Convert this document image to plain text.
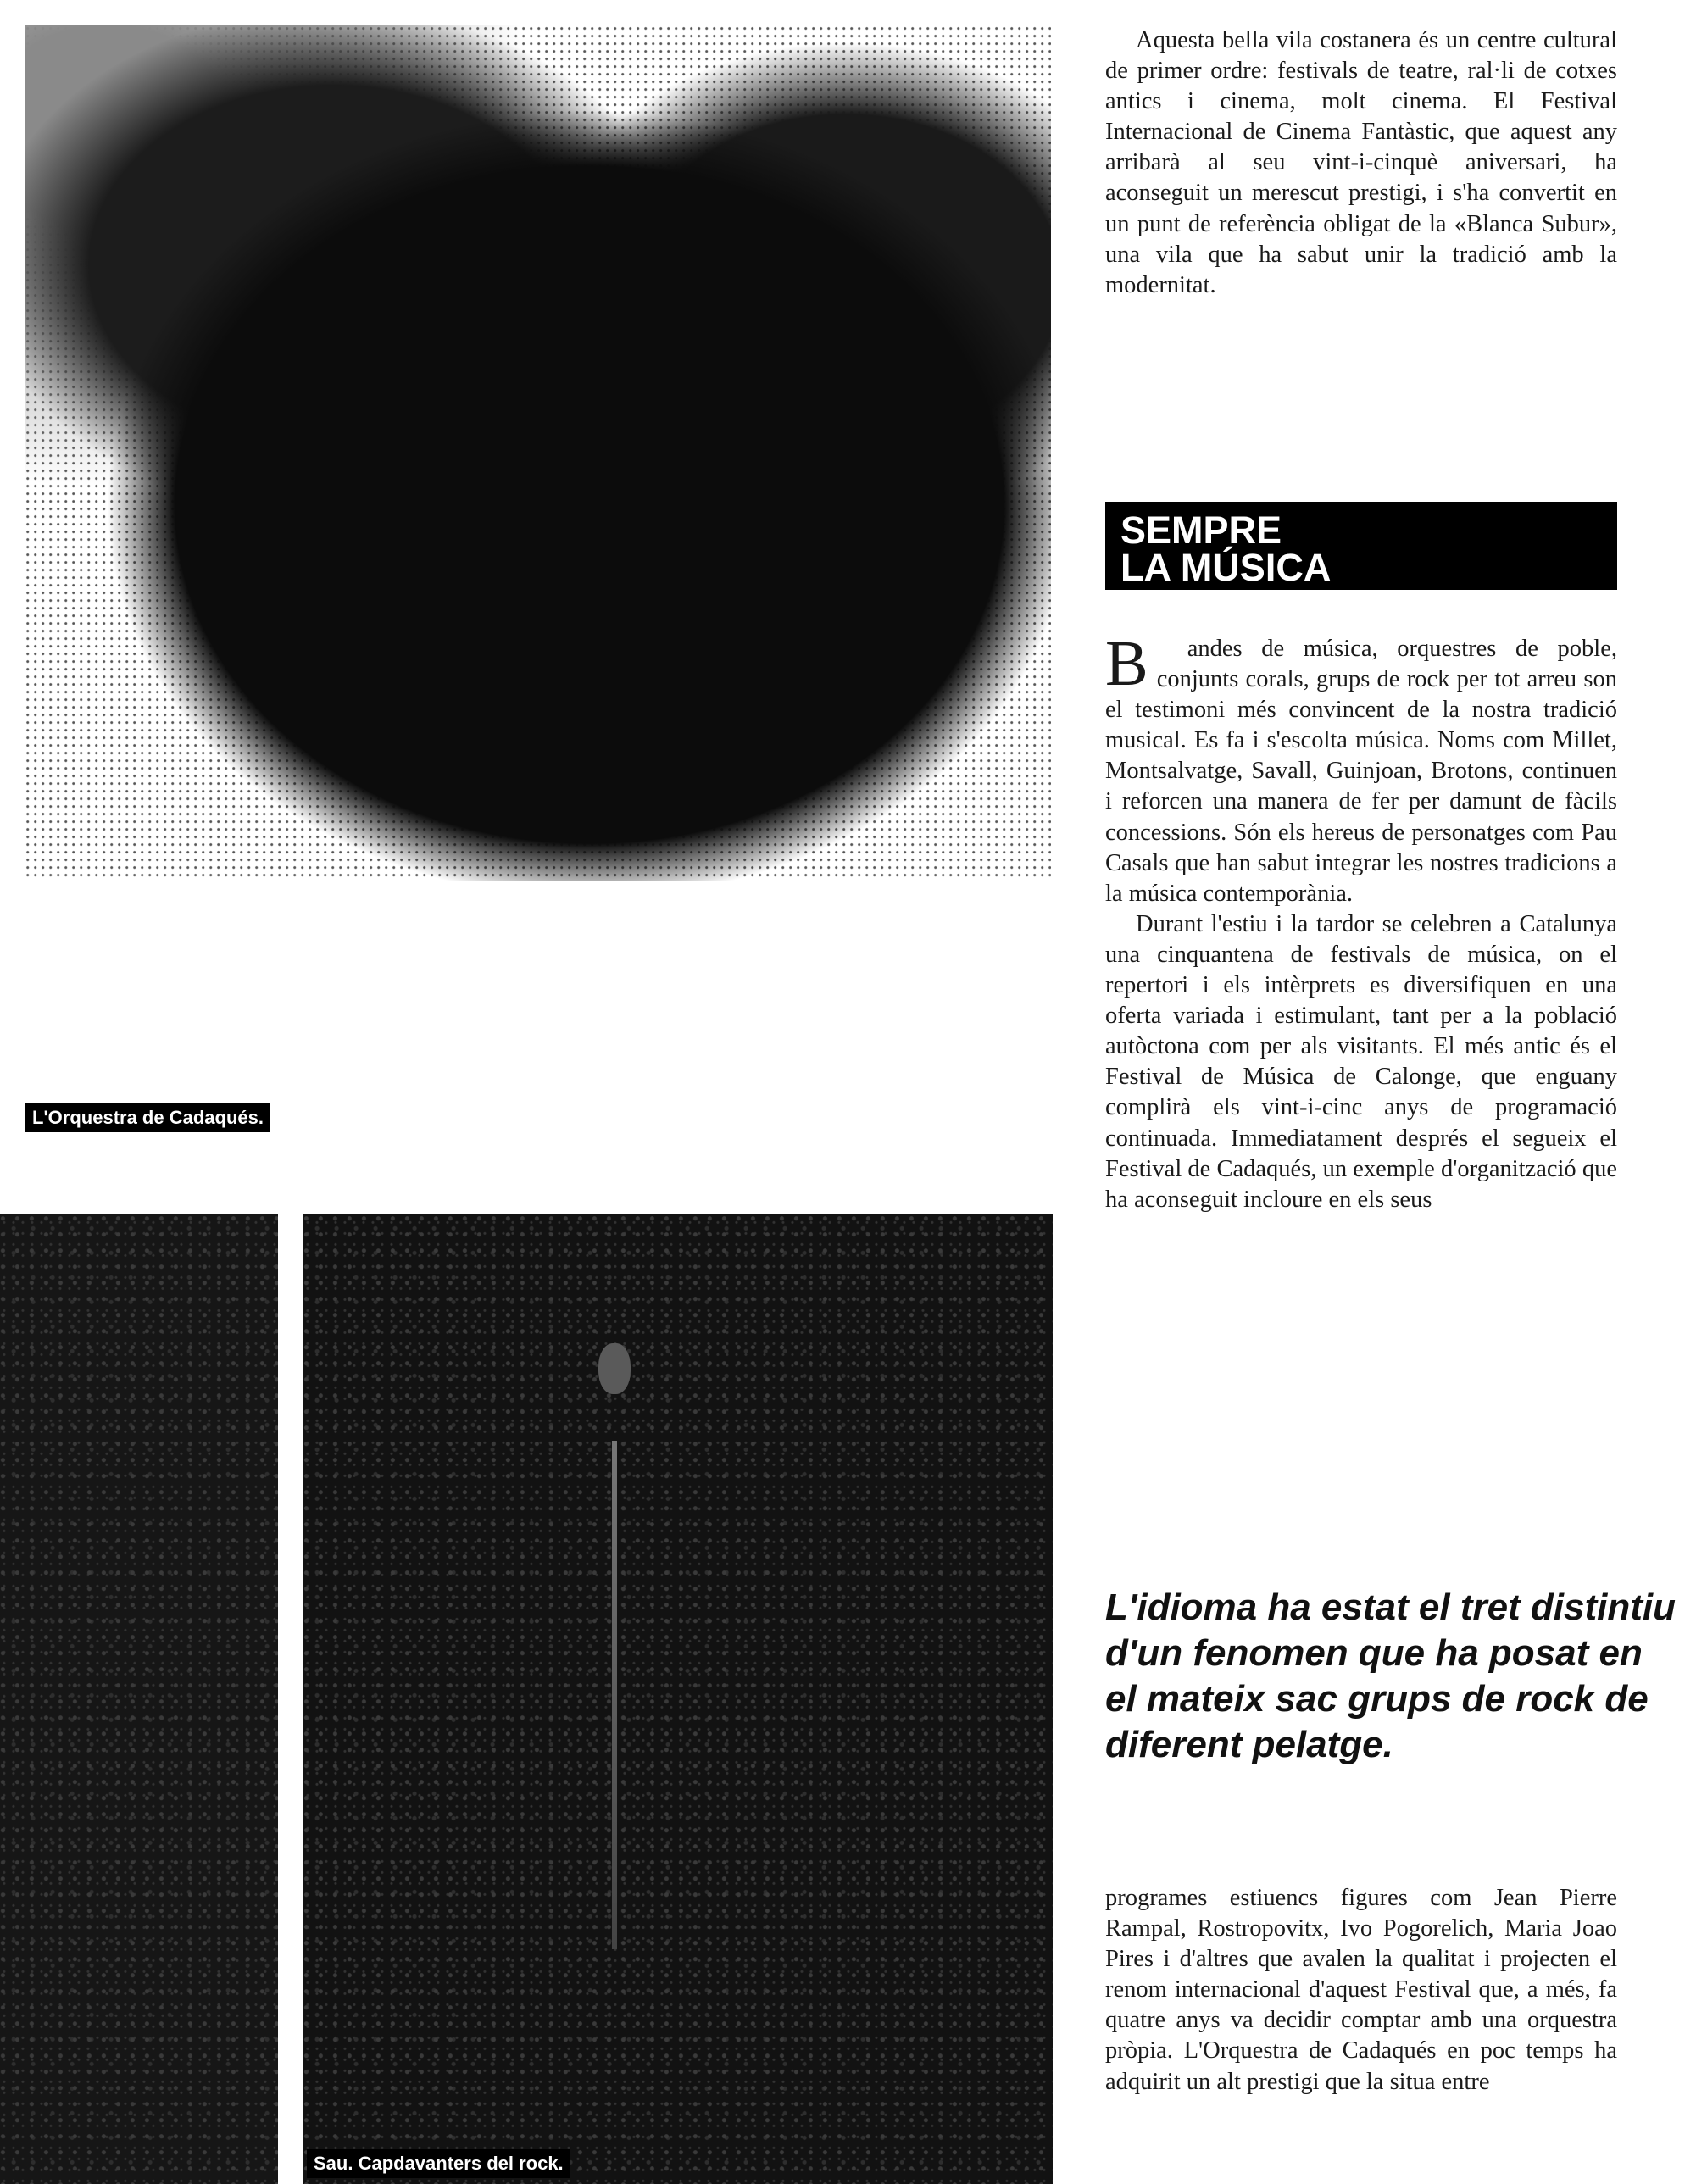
L'Orquestra de Cadaqués.
Sau. Capdavanters del rock.

Aquesta bella vila costanera és un centre cultural de primer ordre: festivals de teatre, ral·li de cotxes antics i cinema, molt cinema. El Festival Internacional de Cinema Fantàstic, que aquest any arribarà al seu vint-i-cinquè aniversari, ha aconseguit un merescut prestigi, i s'ha convertit en un punt de referència obligat de la «Blanca Subur», una vila que ha sabut unir la tradició amb la modernitat.

SEMPRE
LA MÚSICA

B andes de música, orquestres de poble, conjunts corals, grups de rock per tot arreu son el testimoni més convincent de la nostra tradició musical. Es fa i s'escolta música. Noms com Millet, Montsalvatge, Savall, Guinjoan, Brotons, continuen i reforcen una manera de fer per damunt de fàcils concessions. Són els hereus de personatges com Pau Casals que han sabut integrar les nostres tradicions a la música contemporània.

Durant l'estiu i la tardor se celebren a Catalunya una cinquantena de festivals de música, on el repertori i els intèrprets es diversifiquen en una oferta variada i estimulant, tant per a la població autòctona com per als visitants. El més antic és el Festival de Música de Calonge, que enguany complirà els vint-i-cinc anys de programació continuada. Immediatament després el segueix el Festival de Cadaqués, un exemple d'organització que ha aconseguit incloure en els seus

L'idioma ha estat el tret distintiu d'un fenomen que ha posat en el mateix sac grups de rock de diferent pelatge.

programes estiuencs figures com Jean Pierre Rampal, Rostropovitx, Ivo Pogorelich, Maria Joao Pires i d'altres que avalen la qualitat i projecten el renom internacional d'aquest Festival que, a més, fa quatre anys va decidir comptar amb una orquestra pròpia. L'Orquestra de Cadaqués en poc temps ha adquirit un alt prestigi que la situa entre
